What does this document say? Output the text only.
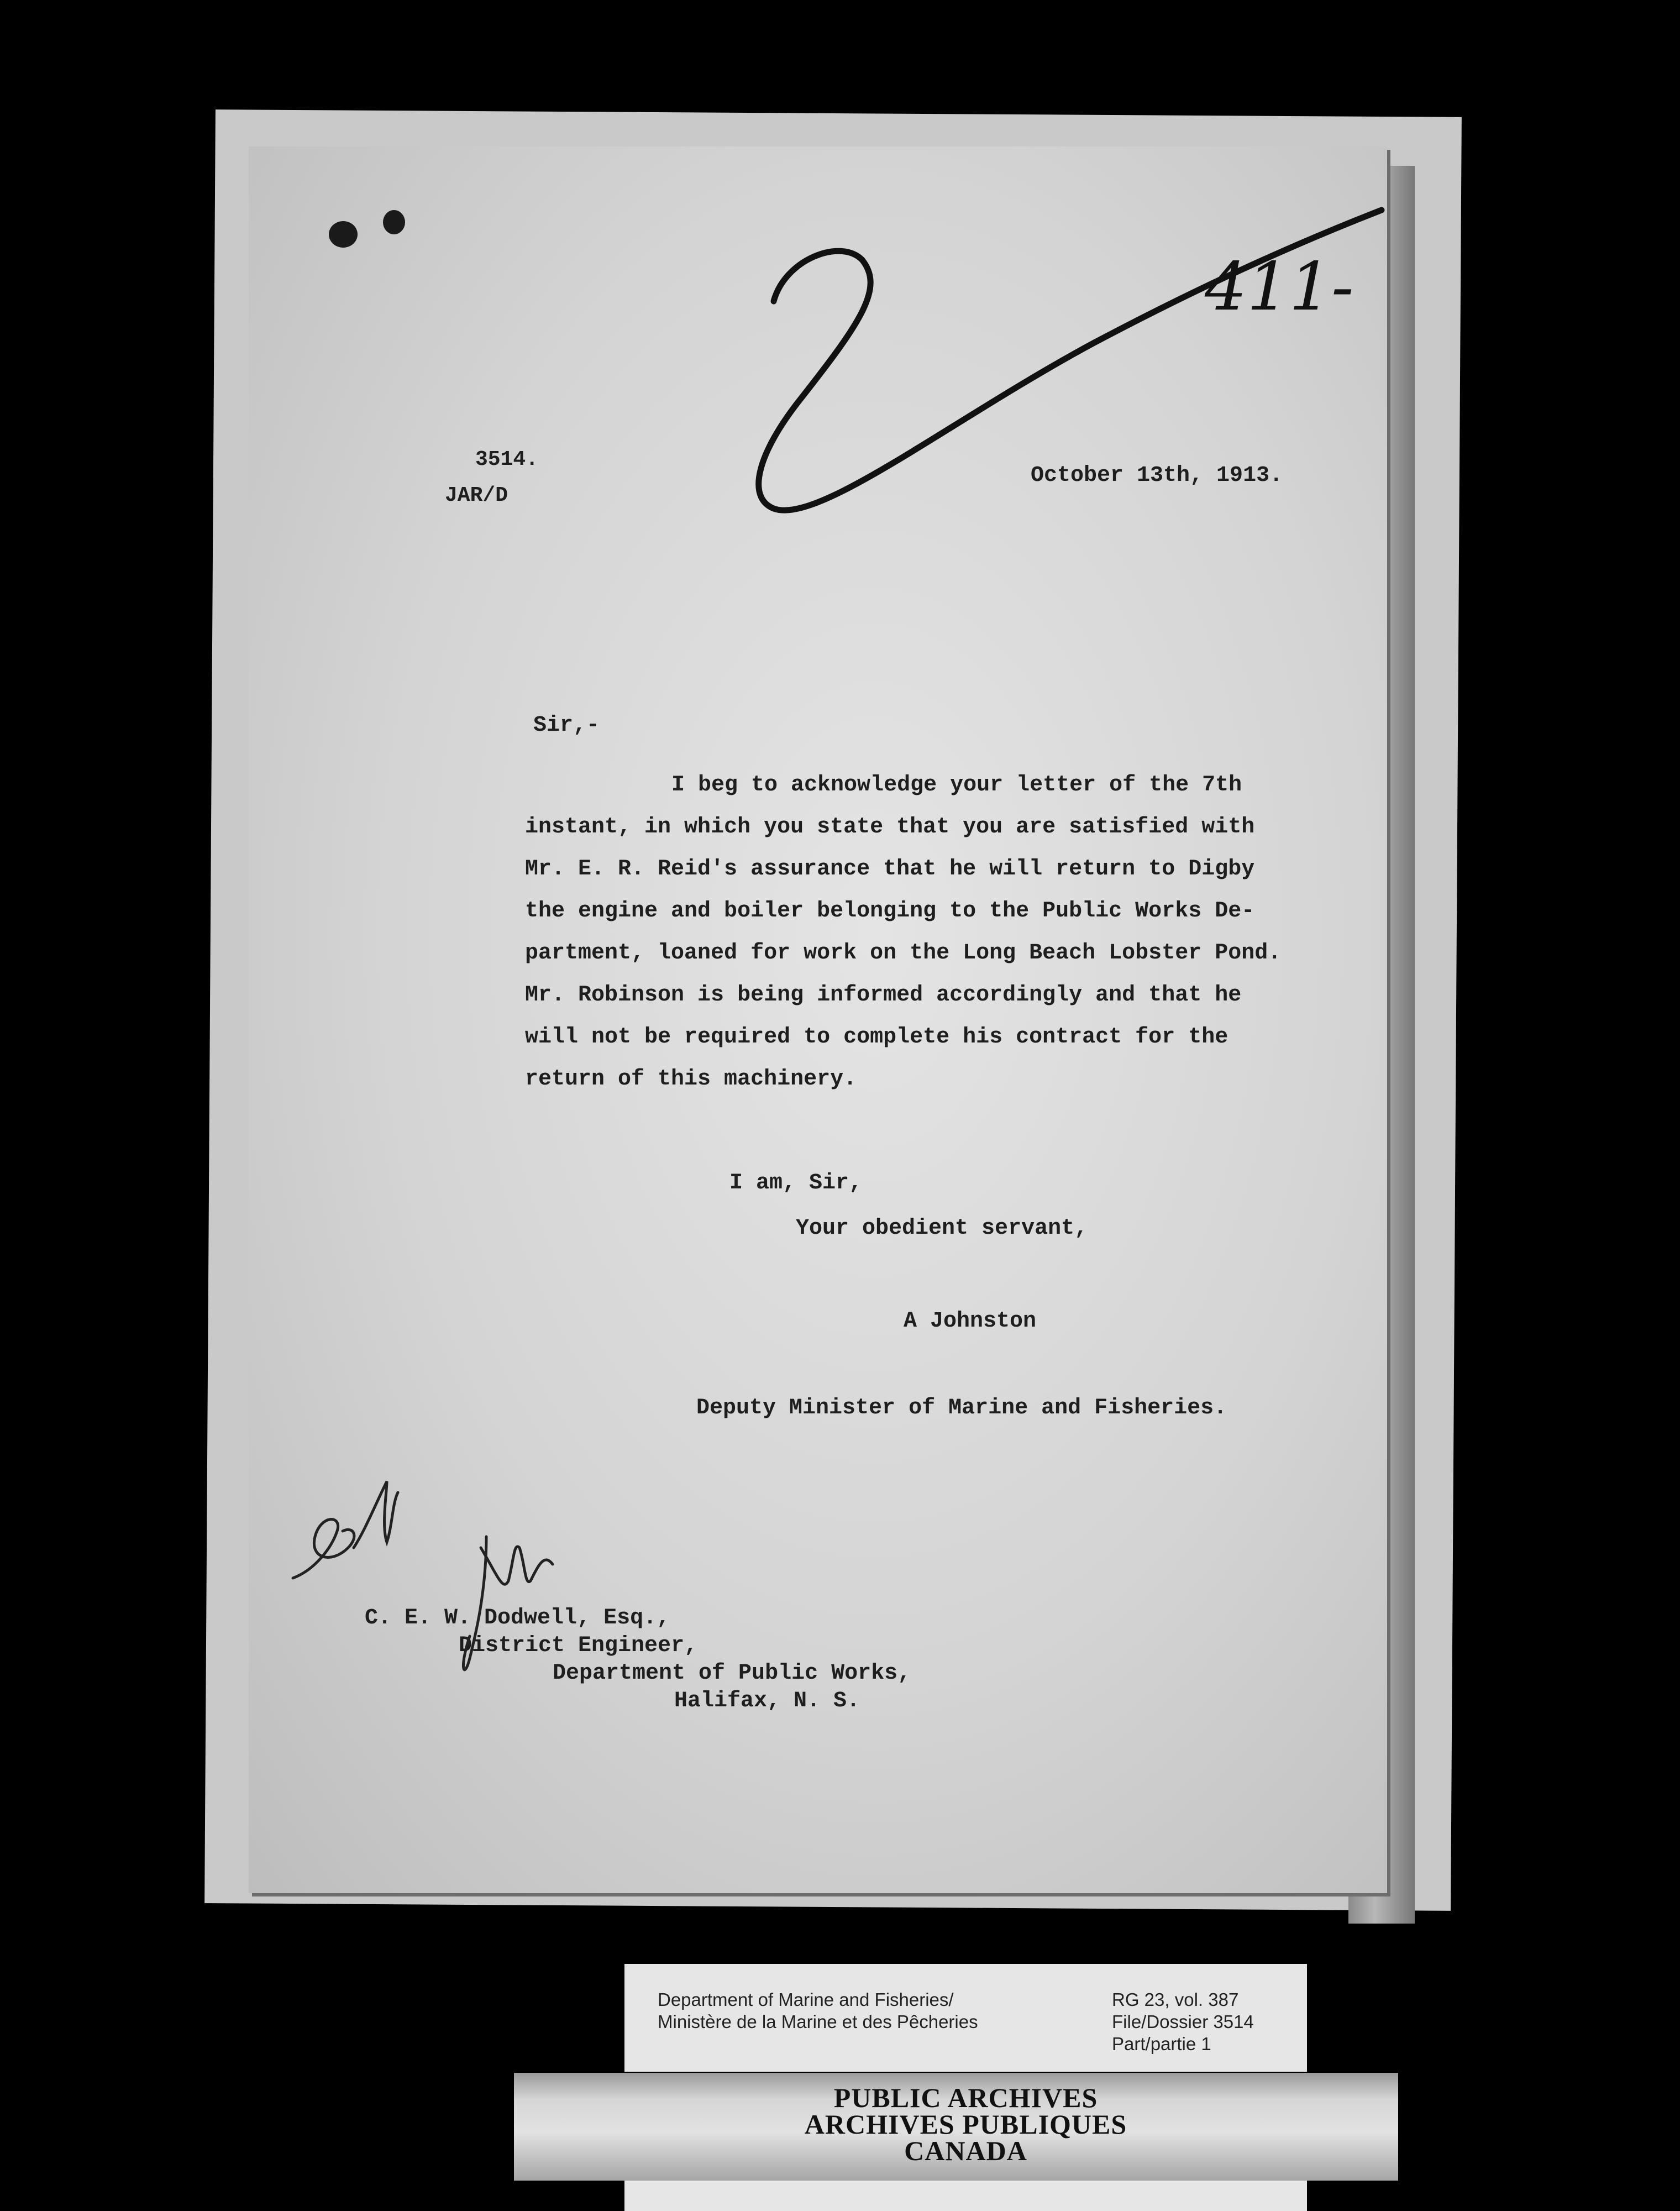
3514.
JAR/D
October 13th, 1913.
Sir,-
I beg to acknowledge your letter of the 7th
instant, in which you state that you are satisfied with
Mr. E. R. Reid's assurance that he will return to Digby
the engine and boiler belonging to the Public Works De-
partment, loaned for work on the Long Beach Lobster Pond.
Mr. Robinson is being informed accordingly and that he
will not be required to complete his contract for the
return of this machinery.
I am, Sir,
Your obedient servant,
A Johnston
Deputy Minister of Marine and Fisheries.
C. E. W. Dodwell, Esq.,
District Engineer,
Department of Public Works,
Halifax, N. S.
411-
Department of Marine and Fisheries/
Ministère de la Marine et des Pêcheries
RG 23, vol. 387
File/Dossier 3514
Part/partie 1
PUBLIC ARCHIVES
ARCHIVES PUBLIQUES
CANADA
